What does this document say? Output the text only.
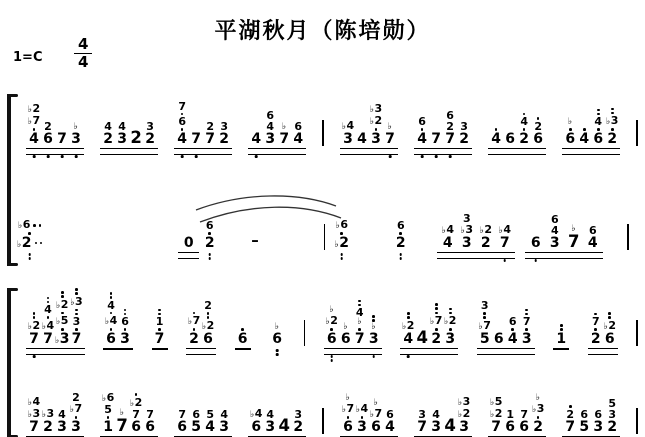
平湖秋月（陈培勋）
$1=C \frac{4}{4}$
♭ 2
♭ 7
4
2
6 7
♭
3
4
2
4
3 2
3
2
7
6
4 7
2
7
3
2 4
6
4
3
♭
7
6
4
♭ 4
3 4
♭ 3
♭ 2
3
♭
7
6
4 7
6
2
7
3
2 4 6
4
2
2
6
♭
6 4
4
6
♭ 3
2
♭ 6
♭ 2	0
6
2 –
♭ 6
♭ 2
6
2
♭ 4
4
3
♭ 3
3
♭ 2
2
♭ 4
7 6
6
4
3
♭
7
6
4
♭ 2
7
4
♭ 4
7
♭ 2
♭ 5
♭ 3
♭ 3
3
7
4
♭ 4
6
6
3
1
7
♭ 7
2
2
♭ 2
6 6
♭
6
♭
♭ 2
6
♭
6
4
♭
7
♭
3
♭ 2
4 4
♭ 7
2
♭ 2
3
3
♭ 7
5 6
6
4
7
3 1
7
2
♭ 2
6
♭ 4
♭ 3
7
♭ 3
2
4
3
2
♭ 7
3
♭ 6
5
1
♭
7
♭ 2
7
6
7
6
7
6
6
5
5
4
4
3
♭ 4
6
4
3 4
3
2
♭
♭ 7
6
♭ 4
3
♭
♭ 7
6
6
4
3
7
4
3 4
♭ 3
♭ 2
3
♭ 5
♭ 2
7
1
6
7
6
♭
♭ 3
2
2
7
6
5
6
3
5
3
2
